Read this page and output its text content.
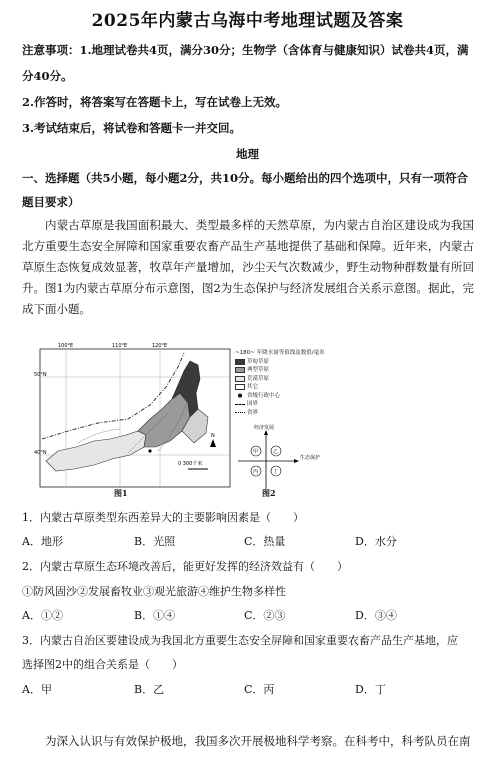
2025年内蒙古乌海中考地理试题及答案
注意事项：1.地理试卷共4页，满分30分；生物学（含体育与健康知识）试卷共4页，满
分40分。
2.作答时，将答案写在答题卡上，写在试卷上无效。
3.考试结束后，将试卷和答题卡一并交回。
地理
一、选择题（共5小题，每小题2分，共10分。每小题给出的四个选项中，只有一项符合
题目要求）
内蒙古草原是我国面积最大、类型最多样的天然草原，为内蒙古自治区建设成为我国北方重要生态安全屏障和国家重要农畜产品生产基地提供了基础和保障。近年来，内蒙古草原生态恢复成效显著，牧草年产量增加，沙尘天气次数减少，野生动物种群数量有所回升。图1为内蒙古草原分布示意图，图2为生态保护与经济发展组合关系示意图。据此，完成下面小题。
N
0 300千米
100°E	110°E	120°E
50°N
40°N
经济发展
生态保护
甲	乙
丙	丁
~180~ 年降水量等值线及数值/毫米
草甸草原
典型草原
荒漠草原
其它
● 省级行政中心
国界
省界
图1	图2
1．内蒙古草原类型东西差异大的主要影响因素是（　　）
A．地形	B．光照	C．热量	D．水分
2．内蒙古草原生态环境改善后，能更好发挥的经济效益有（　　）
①防风固沙②发展畜牧业③观光旅游④维护生物多样性
A．①②	B．①④	C．②③	D．③④
3．内蒙古自治区要建设成为我国北方重要生态安全屏障和国家重要农畜产品生产基地，应
选择图2中的组合关系是（　　）
A．甲	B．乙	C．丙	D．丁
为深入认识与有效保护极地，我国多次开展极地科学考察。在科考中，科考队员在南
